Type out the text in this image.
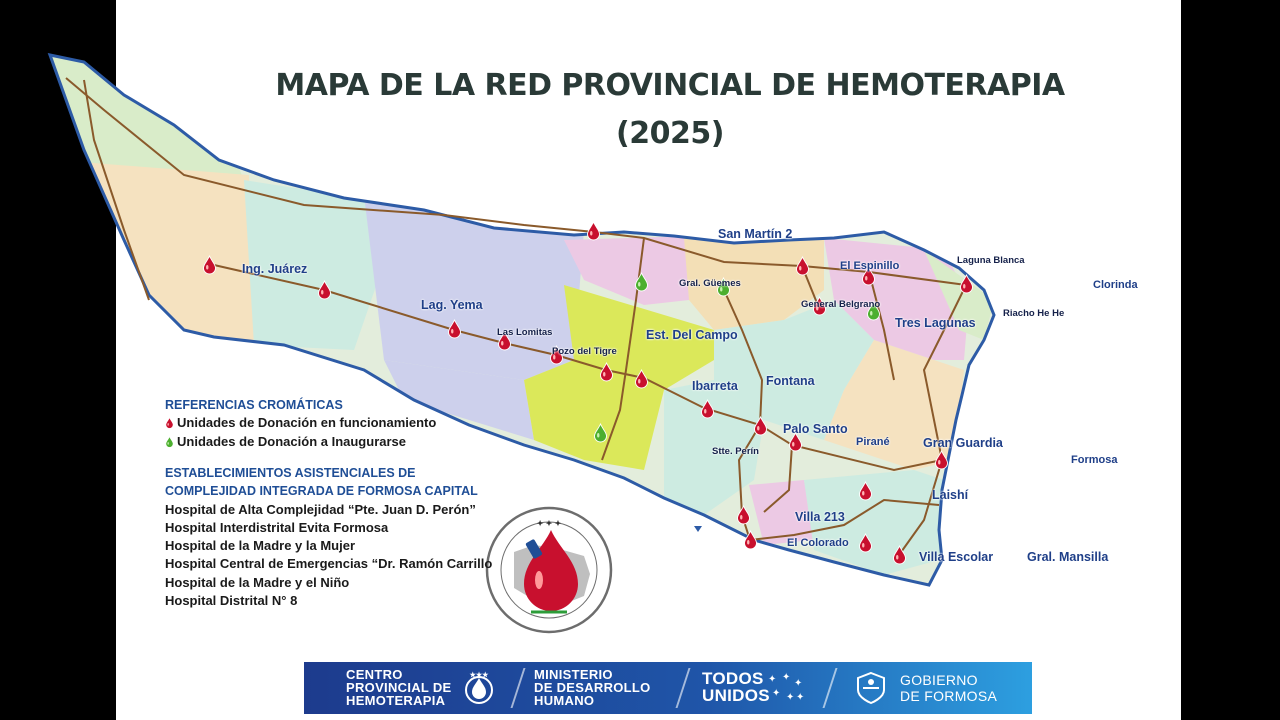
✦ ✦ ✦
MAPA DE LA RED PROVINCIAL DE HEMOTERAPIA
(2025)
Ing. Juárez
Lag. Yema
Las Lomitas
Pozo del Tigre
Est. Del Campo
San Martín 2
Gral. Güemes
General Belgrano
El Espinillo	Laguna Blanca
Clorinda
Tres Lagunas
Riacho He He
Ibarreta Fontana
Palo Santo
Pirané	Gran Guardia
Formosa
Stte. Perín
Villa 213
El Colorado
Laishí
Villa Escolar	Gral. Mansilla
REFERENCIAS CROMÁTICAS
Unidades de Donación en funcionamiento
Unidades de Donación a Inaugurarse
ESTABLECIMIENTOS ASISTENCIALES DE
COMPLEJIDAD INTEGRADA DE FORMOSA CAPITAL
Hospital de Alta Complejidad “Pte. Juan D. Perón”
Hospital Interdistrital Evita Formosa
Hospital de la Madre y la Mujer
Hospital Central de Emergencias “Dr. Ramón Carrillo
Hospital de la Madre y el Niño
Hospital Distrital N° 8
CENTRO
PROVINCIAL DE
HEMOTERAPIA
★★★	MINISTERIO
DE DESARROLLO
HUMANO
TODOS
UNIDOS
✦ ✦
✦
✦ ✦ ✦
GOBIERNO
DE FORMOSA
